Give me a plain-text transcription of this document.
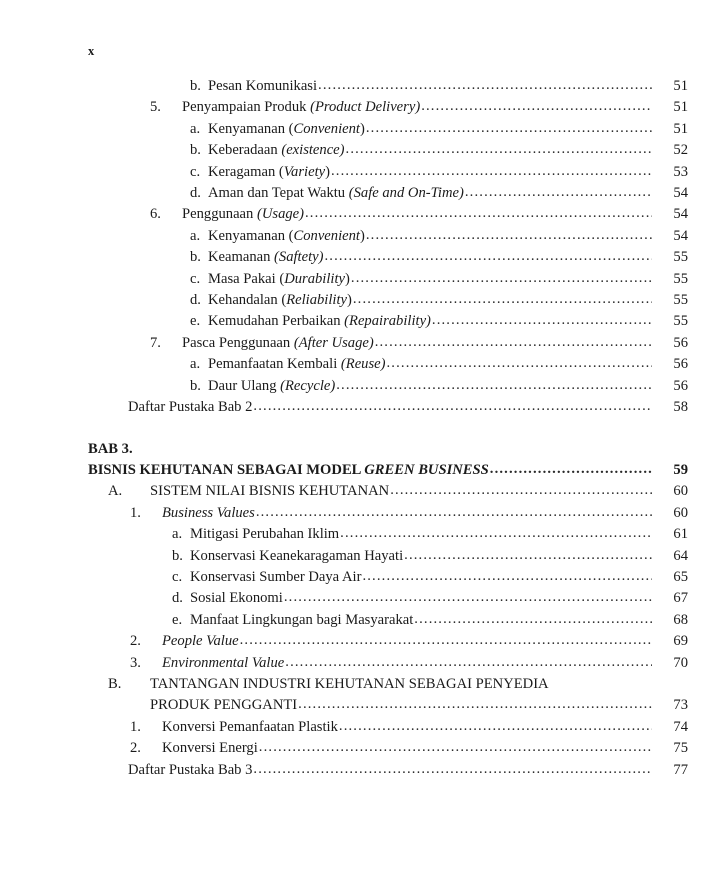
x
b. Pesan Komunikasi .....	51
5.	Penyampaian Produk (Product Delivery) .....	51
a. Kenyamanan (Convenient) .....	51
b. Keberadaan (existence) .....	52
c. Keragaman (Variety) .....	53
d. Aman dan Tepat Waktu (Safe and On-Time) .....	54
6.	Penggunaan (Usage) .....	54
a. Kenyamanan (Convenient) .....	54
b. Keamanan (Saftety) .....	55
c. Masa Pakai (Durability) .....	55
d. Kehandalan (Reliability) .....	55
e. Kemudahan Perbaikan (Repairability) .....	55
7.	Pasca Penggunaan (After Usage) .....	56
a. Pemanfaatan Kembali (Reuse) .....	56
b. Daur Ulang (Recycle) .....	56
Daftar Pustaka Bab 2 .....	58
BAB 3.
BISNIS KEHUTANAN SEBAGAI MODEL GREEN BUSINESS .....	59
A.	SISTEM NILAI BISNIS KEHUTANAN .....	60
1.	Business Values .....	60
a. Mitigasi Perubahan Iklim .....	61
b. Konservasi Keanekaragaman Hayati .....	64
c. Konservasi Sumber Daya Air .....	65
d. Sosial Ekonomi .....	67
e. Manfaat Lingkungan bagi Masyarakat .....	68
2.	People Value .....	69
3.	Environmental Value .....	70
B.	TANTANGAN INDUSTRI KEHUTANAN SEBAGAI PENYEDIA
PRODUK PENGGANTI .....	73
1.	Konversi Pemanfaatan Plastik .....	74
2.	Konversi Energi .....	75
Daftar Pustaka Bab 3 .....	77
